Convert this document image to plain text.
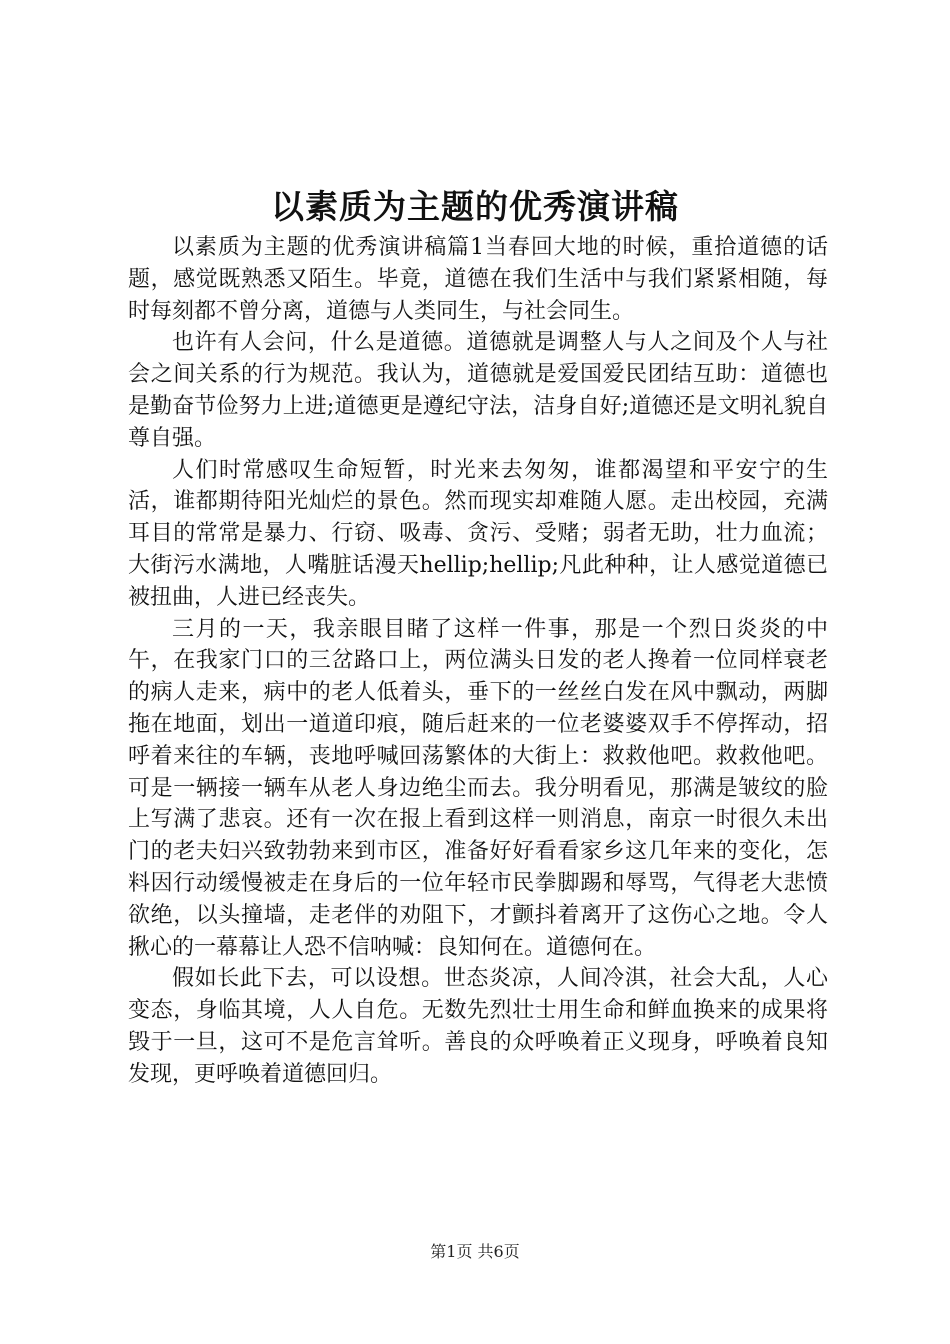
以素质为主题的优秀演讲稿

以素质为主题的优秀演讲稿篇1当春回大地的时候，重拾道德的话题，感觉既熟悉又陌生。毕竟，道德在我们生活中与我们紧紧相随，每时每刻都不曾分离，道德与人类同生，与社会同生。

也许有人会问，什么是道德。道德就是调整人与人之间及个人与社会之间关系的行为规范。我认为，道德就是爱国爱民团结互助：道德也是勤奋节俭努力上进;道德更是遵纪守法，洁身自好;道德还是文明礼貌自尊自强。

人们时常感叹生命短暂，时光来去匆匆，谁都渴望和平安宁的生活，谁都期待阳光灿烂的景色。然而现实却难随人愿。走出校园，充满耳目的常常是暴力、行窃、吸毒、贪污、受赌；弱者无助，壮力血流；大街污水满地，人嘴脏话漫天hellip;hellip;凡此种种，让人感觉道德已被扭曲，人进已经丧失。

三月的一天，我亲眼目睹了这样一件事，那是一个烈日炎炎的中午，在我家门口的三岔路口上，两位满头日发的老人搀着一位同样衰老的病人走来，病中的老人低着头，垂下的一丝丝白发在风中飘动，两脚拖在地面，划出一道道印痕，随后赶来的一位老婆婆双手不停挥动，招呼着来往的车辆，丧地呼喊回荡繁体的大街上：救救他吧。救救他吧。可是一辆接一辆车从老人身边绝尘而去。我分明看见，那满是皱纹的脸上写满了悲哀。还有一次在报上看到这样一则消息，南京一时很久未出门的老夫妇兴致勃勃来到市区，准备好好看看家乡这几年来的变化，怎料因行动缓慢被走在身后的一位年轻市民拳脚踢和辱骂，气得老大悲愤欲绝，以头撞墙，走老伴的劝阻下，才颤抖着离开了这伤心之地。令人揪心的一幕幕让人恐不信呐喊：良知何在。道德何在。

假如长此下去，可以设想。世态炎凉，人间冷淇，社会大乱，人心变态，身临其境，人人自危。无数先烈壮士用生命和鲜血换来的成果将毁于一旦，这可不是危言耸听。善良的众呼唤着正义现身，呼唤着良知发现，更呼唤着道德回归。

第1页 共6页
